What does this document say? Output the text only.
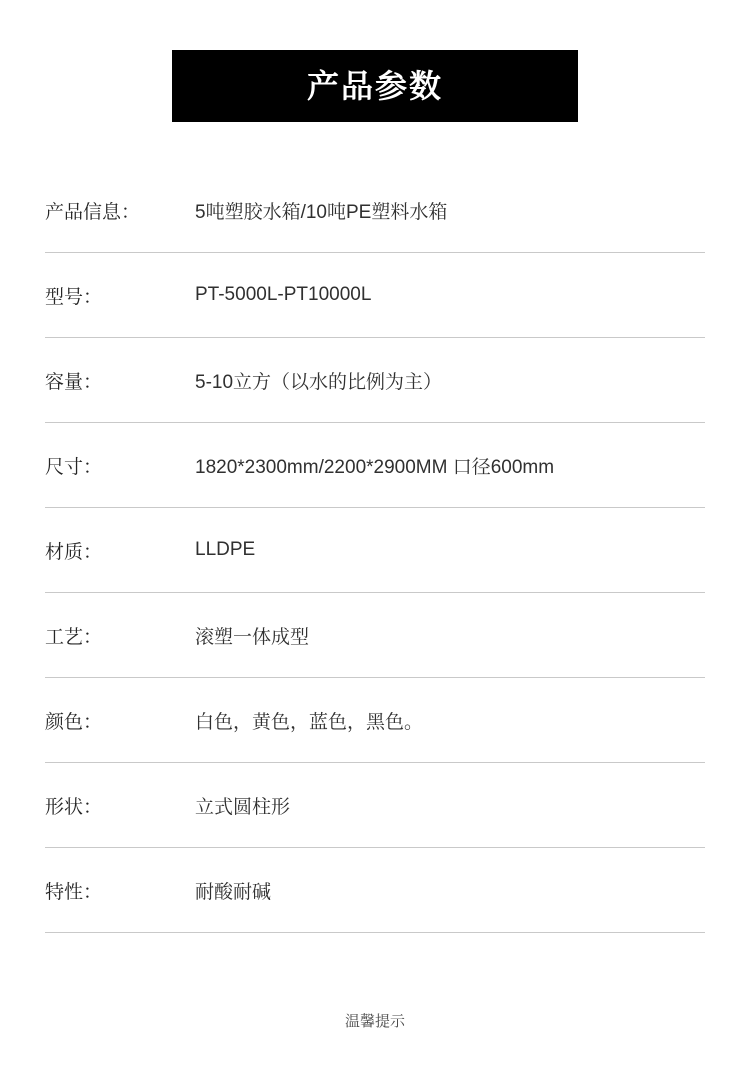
产品参数
产品信息：	5吨塑胶水箱/10吨PE塑料水箱
型号：	PT-5000L-PT10000L
容量：	5-10立方（以水的比例为主）
尺寸：	1820*2300mm/2200*2900MM 口径600mm
材质：	LLDPE
工艺：	滚塑一体成型
颜色：	白色，黄色，蓝色，黑色。
形状：	立式圆柱形
特性：	耐酸耐碱
温馨提示
